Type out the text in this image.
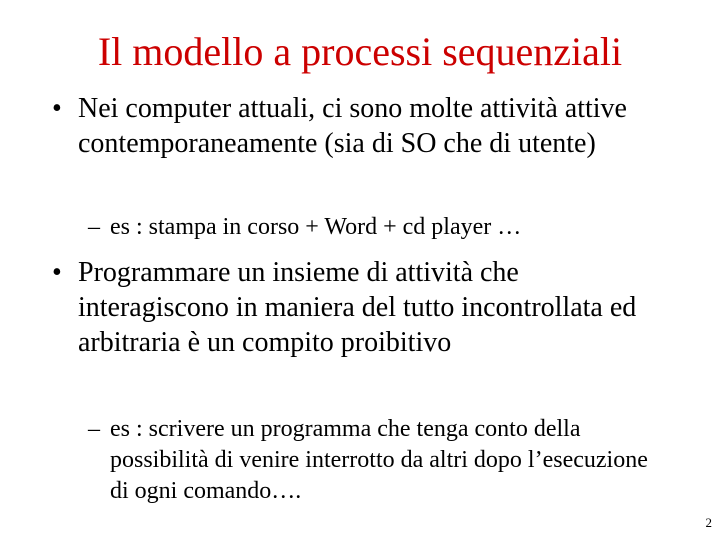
Il modello a processi sequenziali
• Nei computer attuali, ci sono molte attività attive contemporaneamente (sia di SO che di utente)
– es : stampa in corso + Word + cd player …
• Programmare un insieme di attività che interagiscono in maniera del tutto incontrollata ed arbitraria è un compito proibitivo
– es : scrivere un programma che tenga conto della possibilità di venire interrotto da altri dopo l’esecuzione di ogni comando….
2
